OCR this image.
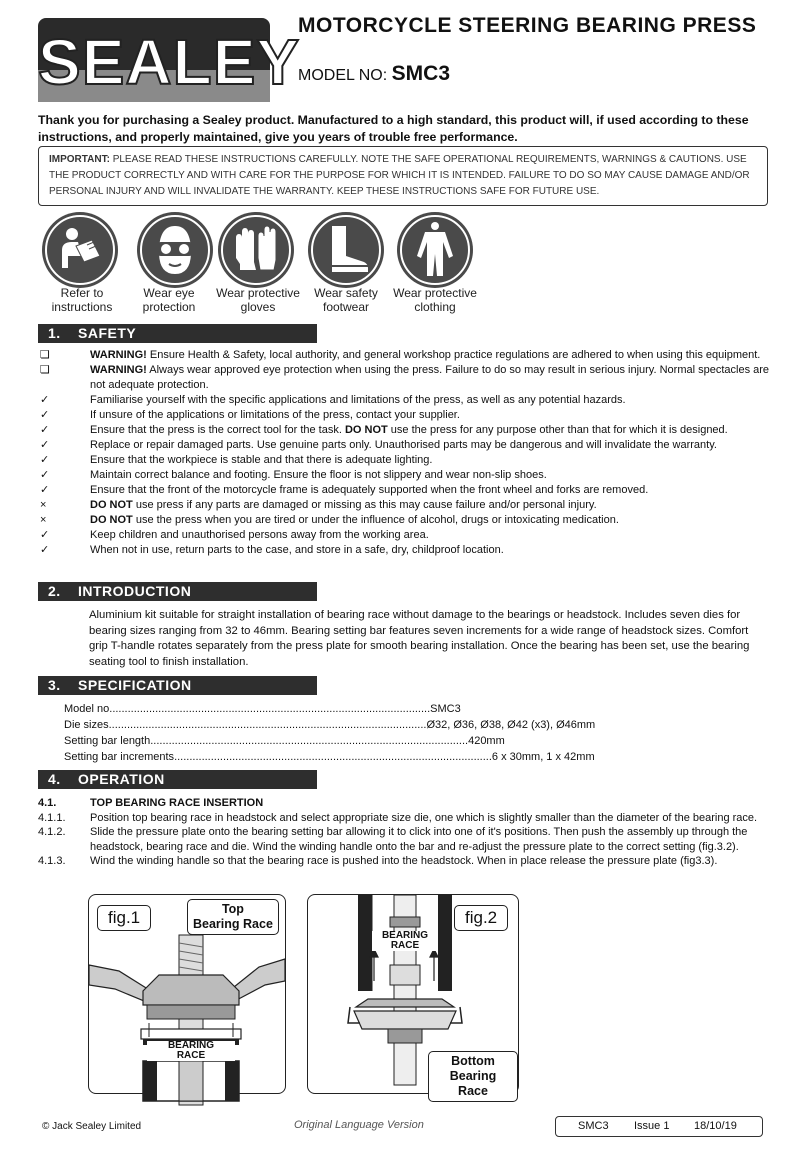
SEALEY
MOTORCYCLE STEERING BEARING PRESS
MODEL NO: SMC3
Thank you for purchasing a Sealey product. Manufactured to a high standard, this product will, if used according to these instructions, and properly maintained, give you years of trouble free performance.
IMPORTANT: PLEASE READ THESE INSTRUCTIONS CAREFULLY. NOTE THE SAFE OPERATIONAL REQUIREMENTS, WARNINGS & CAUTIONS. USE THE PRODUCT CORRECTLY AND WITH CARE FOR THE PURPOSE FOR WHICH IT IS INTENDED. FAILURE TO DO SO MAY CAUSE DAMAGE AND/OR PERSONAL INJURY AND WILL INVALIDATE THE WARRANTY. KEEP THESE INSTRUCTIONS SAFE FOR FUTURE USE.
Refer to
instructions
Wear eye
protection
Wear protective
gloves
Wear safety
footwear
Wear protective
clothing
1. SAFETY
❏	WARNING! Ensure Health & Safety, local authority, and general workshop practice regulations are adhered to when using this equipment.
❏	WARNING! Always wear approved eye protection when using the press. Failure to do so may result in serious injury. Normal spectacles are not adequate protection.
✓	Familiarise yourself with the specific applications and limitations of the press, as well as any potential hazards.
✓	If unsure of the applications or limitations of the press, contact your supplier.
✓	Ensure that the press is the correct tool for the task. DO NOT use the press for any purpose other than that for which it is designed.
✓	Replace or repair damaged parts. Use genuine parts only. Unauthorised parts may be dangerous and will invalidate the warranty.
✓	Ensure that the workpiece is stable and that there is adequate lighting.
✓	Maintain correct balance and footing. Ensure the floor is not slippery and wear non-slip shoes.
✓	Ensure that the front of the motorcycle frame is adequately supported when the front wheel and forks are removed.
×	DO NOT use press if any parts are damaged or missing as this may cause failure and/or personal injury.
×	DO NOT use the press when you are tired or under the influence of alcohol, drugs or intoxicating medication.
✓	Keep children and unauthorised persons away from the working area.
✓	When not in use, return parts to the case, and store in a safe, dry, childproof location.
2. INTRODUCTION
Aluminium kit suitable for straight installation of bearing race without damage to the bearings or headstock. Includes seven dies for bearing sizes ranging from 32 to 46mm. Bearing setting bar features seven increments for a wide range of headstock sizes. Comfort grip T-handle rotates separately from the press plate for smooth bearing installation. Once the bearing has been set, use the bearing seating tool to finish installation.
3. SPECIFICATION
Model no. ........................................................................................................ SMC3
Die sizes ........................................................................................................ Ø32, Ø36, Ø38, Ø42 (x3), Ø46mm
Setting bar length ........................................................................................................ 420mm
Setting bar increments ........................................................................................................ 6 x 30mm, 1 x 42mm
4. OPERATION
4.1.	TOP BEARING RACE INSERTION
4.1.1.	Position top bearing race in headstock and select appropriate size die, one which is slightly smaller than the diameter of the bearing race.
4.1.2.	Slide the pressure plate onto the bearing setting bar allowing it to click into one of it's positions. Then push the assembly up through the headstock, bearing race and die. Wind the winding handle onto the bar and re-adjust the pressure plate to the correct setting (fig.3.2).
4.1.3.	Wind the winding handle so that the bearing race is pushed into the headstock. When in place release the pressure plate (fig3.3).
fig.1	Top
Bearing Race
BEARING
RACE
fig.2
BEARING
RACE
Bottom
Bearing Race
© Jack Sealey Limited	Original Language Version	SMC3 Issue 1 18/10/19
